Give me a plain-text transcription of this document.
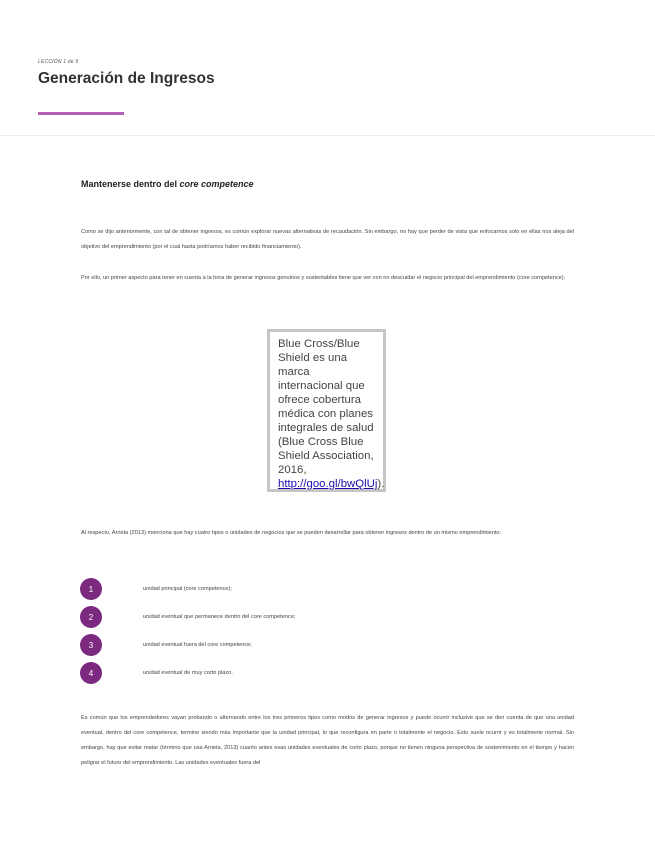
LECCIÓN 1 de 9
Generación de Ingresos
Mantenerse dentro del core competence

Como se dijo anteriormente, con tal de obtener ingresos, es común explorar nuevas alternativas de recaudación. Sin embargo, no hay que perder de vista que enfocarnos solo en ellas nos aleja del objetivo del emprendimiento (por el cual hasta podríamos haber recibido financiamiento).

Por ello, un primer aspecto para tener en cuenta a la hora de generar ingresos genuinos y sustentables tiene que ver con no descuidar el negocio principal del emprendimiento (core competence).

Blue Cross/Blue Shield es una marca internacional que ofrece cobertura médica con planes integrales de salud (Blue Cross Blue Shield Association, 2016, http://goo.gl/bwQlUj).

Al respecto, Arrieta (2013) menciona que hay cuatro tipos o unidades de negocios que se pueden desarrollar para obtener ingresos dentro de un mismo emprendimiento:

1	unidad principal (core competence);
2	unidad eventual que permanece dentro del core competence;
3	unidad eventual fuera del core competence;
4	unidad eventual de muy corto plazo.

Es común que los emprendedores vayan probando o alternando entre los tres primeros tipos como modos de generar ingresos y puede ocurrir inclusive que se den cuenta de que una unidad eventual, dentro del core competence, termine siendo más importante que la unidad principal, lo que reconfigura en parte o totalmente el negocio. Esto suele ocurrir y es totalmente normal. Sin embargo, hay que evitar matar (término que usa Arrieta, 2013) cuanto antes esas unidades eventuales de corto plazo, porque no tienen ninguna perspectiva de sostenimiento en el tiempo y hacen peligrar el futuro del emprendimiento. Las unidades eventuales fuera del
